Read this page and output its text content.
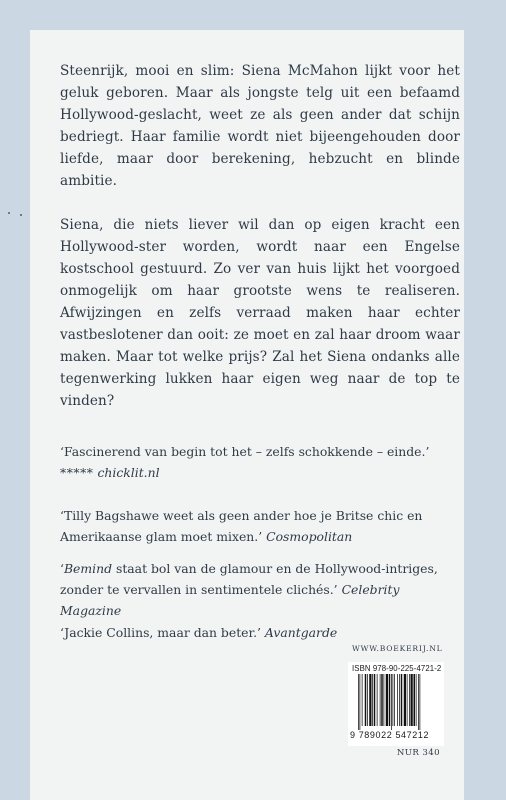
Steenrijk, mooi en slim: Siena McMahon lijkt voor het geluk geboren. Maar als jongste telg uit een befaamd Hollywood-geslacht, weet ze als geen ander dat schijn bedriegt. Haar familie wordt niet bijeengehouden door liefde, maar door berekening, hebzucht en blinde ambitie.

Siena, die niets liever wil dan op eigen kracht een Hollywood-ster worden, wordt naar een Engelse kostschool gestuurd. Zo ver van huis lijkt het voorgoed onmogelijk om haar grootste wens te realiseren. Afwijzingen en zelfs verraad maken haar echter vastbeslotener dan ooit: ze moet en zal haar droom waar maken. Maar tot welke prijs? Zal het Siena ondanks alle tegenwerking lukken haar eigen weg naar de top te vinden?

‘Fascinerend van begin tot het – zelfs schokkende – einde.’
***** chicklit.nl
‘Tilly Bagshawe weet als geen ander hoe je Britse chic en Amerikaanse glam moet mixen.’ Cosmopolitan
‘Bemind staat bol van de glamour en de Hollywood-intriges, zonder te vervallen in sentimentele clichés.’ Celebrity Magazine
‘Jackie Collins, maar dan beter.’ Avantgarde
WWW.BOEKERIJ.NL
ISBN 978-90-225-4721-2
9 789022 547212
NUR 340
